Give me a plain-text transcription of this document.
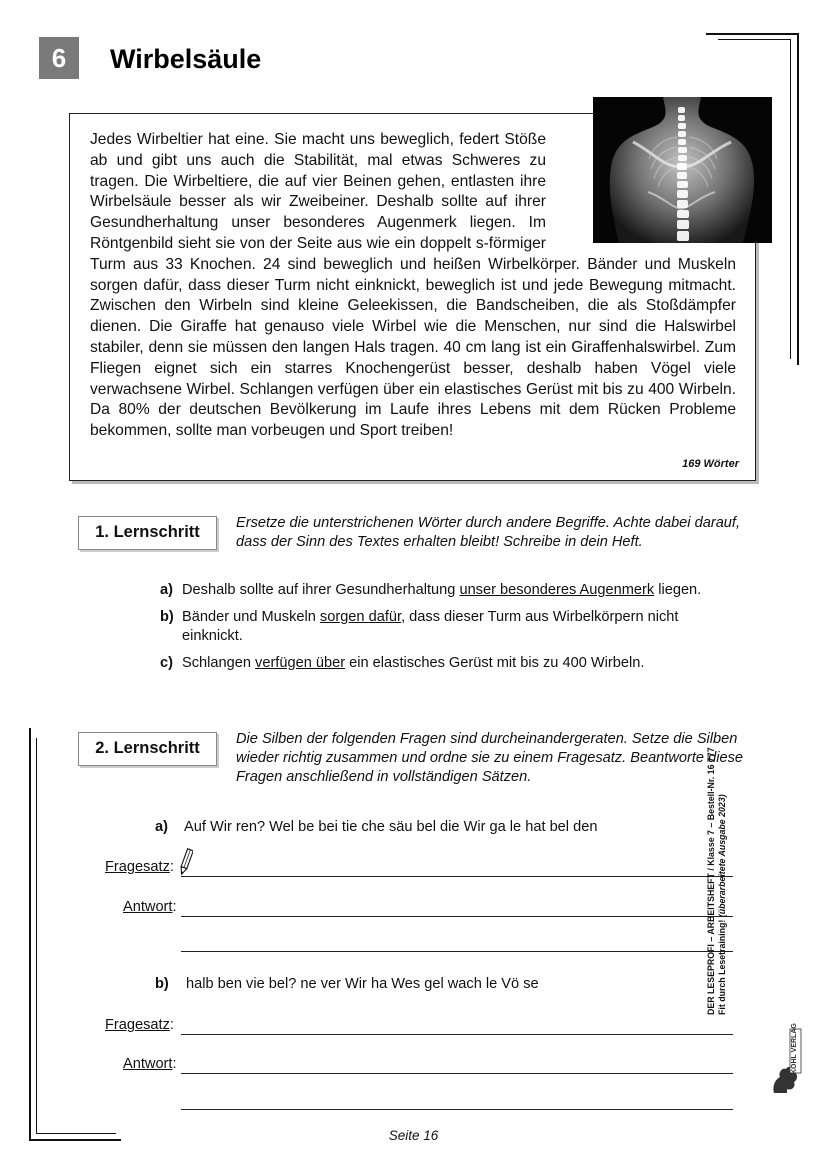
6	Wirbelsäule

Jedes Wirbeltier hat eine. Sie macht uns beweglich, federt Stöße ab und gibt uns auch die Stabilität, mal etwas Schweres zu tragen. Die Wirbeltiere, die auf vier Beinen gehen, entlasten ihre Wirbelsäule besser als wir Zweibeiner. Deshalb sollte auf ihrer Gesundherhaltung unser besonderes Augenmerk liegen. Im Röntgenbild sieht sie von der Seite aus wie ein doppelt s-förmiger Turm aus 33 Knochen. 24 sind beweglich und heißen Wirbelkörper. Bänder und Muskeln sorgen dafür, dass dieser Turm nicht einknickt, beweglich ist und jede Bewegung mitmacht. Zwischen den Wirbeln sind kleine Geleekissen, die Bandscheiben, die als Stoßdämpfer dienen. Die Giraffe hat genauso viele Wirbel wie die Menschen, nur sind die Halswirbel stabiler, denn sie müssen den langen Hals tragen. 40 cm lang ist ein Giraffenhalswirbel. Zum Fliegen eignet sich ein starres Knochengerüst besser, deshalb haben Vögel viele verwachsene Wirbel. Schlangen verfügen über ein elastisches Gerüst mit bis zu 400 Wirbeln. Da 80% der deutschen Bevölkerung im Laufe ihres Lebens mit dem Rücken Probleme bekommen, sollte man vorbeugen und Sport treiben!

169 Wörter
1. Lernschritt	Ersetze die unterstrichenen Wörter durch andere Begriffe. Achte dabei darauf, dass der Sinn des Textes erhalten bleibt! Schreibe in dein Heft.
a) Deshalb sollte auf ihrer Gesundherhaltung unser besonderes Augenmerk liegen.
b) Bänder und Muskeln sorgen dafür, dass dieser Turm aus Wirbelkörpern nicht
einknickt.
c) Schlangen verfügen über ein elastisches Gerüst mit bis zu 400 Wirbeln.
2. Lernschritt	Die Silben der folgenden Fragen sind durcheinandergeraten. Setze die Silben wieder richtig zusammen und ordne sie zu einem Fragesatz. Beantworte diese Fragen anschließend in vollständigen Sätzen.
a) Auf Wir ren? Wel be bei tie che säu bel die Wir ga le hat bel den
Fragesatz:
Antwort:
b) halb ben vie bel? ne ver Wir ha Wes gel wach le Vö se
Fragesatz:
Antwort:
Seite 16
DER LESEPROFI – ARBEITSHEFT / Klasse 7 – Bestell-Nr. 16 777 Fit durch Lesetraining! (überarbeitete Ausgabe 2023)
KOHL VERLAG
